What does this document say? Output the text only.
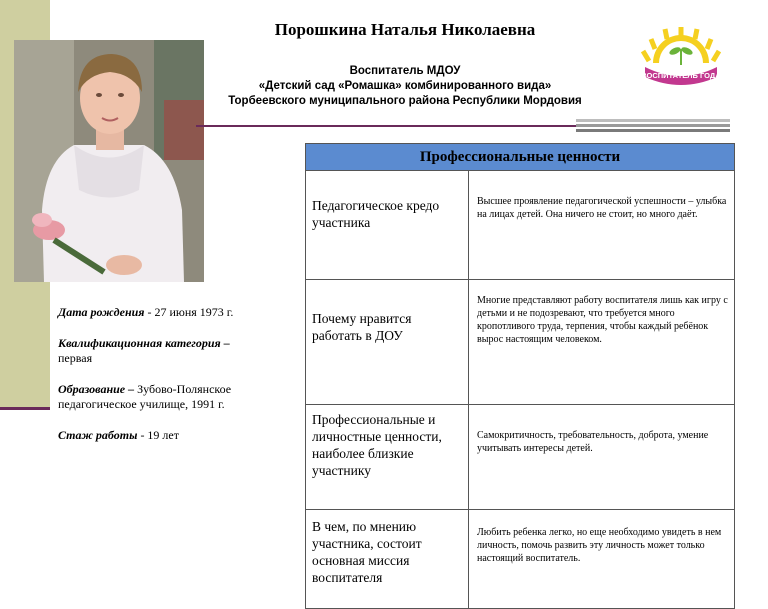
Порошкина Наталья Николаевна
Воспитатель МДОУ
«Детский сад «Ромашка» комбинированного вида»
Торбеевского муниципального района Республики Мордовия
ВОСПИТАТЕЛЬ ГОДА

Дата рождения - 27 июня 1973 г.

Квалификационная категория –
первая

Образование – Зубово-Полянское педагогическое училище, 1991 г.

Стаж работы - 19 лет

Профессиональные ценности	
Педагогическое кредо участника	Высшее проявление педагогической успешности – улыбка на лицах детей. Она ничего не стоит, но много даёт.
Почему нравится работать в ДОУ	Многие представляют работу воспитателя лишь как игру с детьми и не подозревают, что требуется много кропотливого труда, терпения, чтобы каждый ребёнок вырос настоящим человеком.
Профессиональные и личностные ценности, наиболее близкие участнику	Самокритичность, требовательность, доброта, умение учитывать интересы детей.
В чем, по мнению участника, состоит основная миссия воспитателя	Любить ребенка легко, но еще необходимо увидеть в нем личность, помочь развить эту личность может только настоящий воспитатель.
